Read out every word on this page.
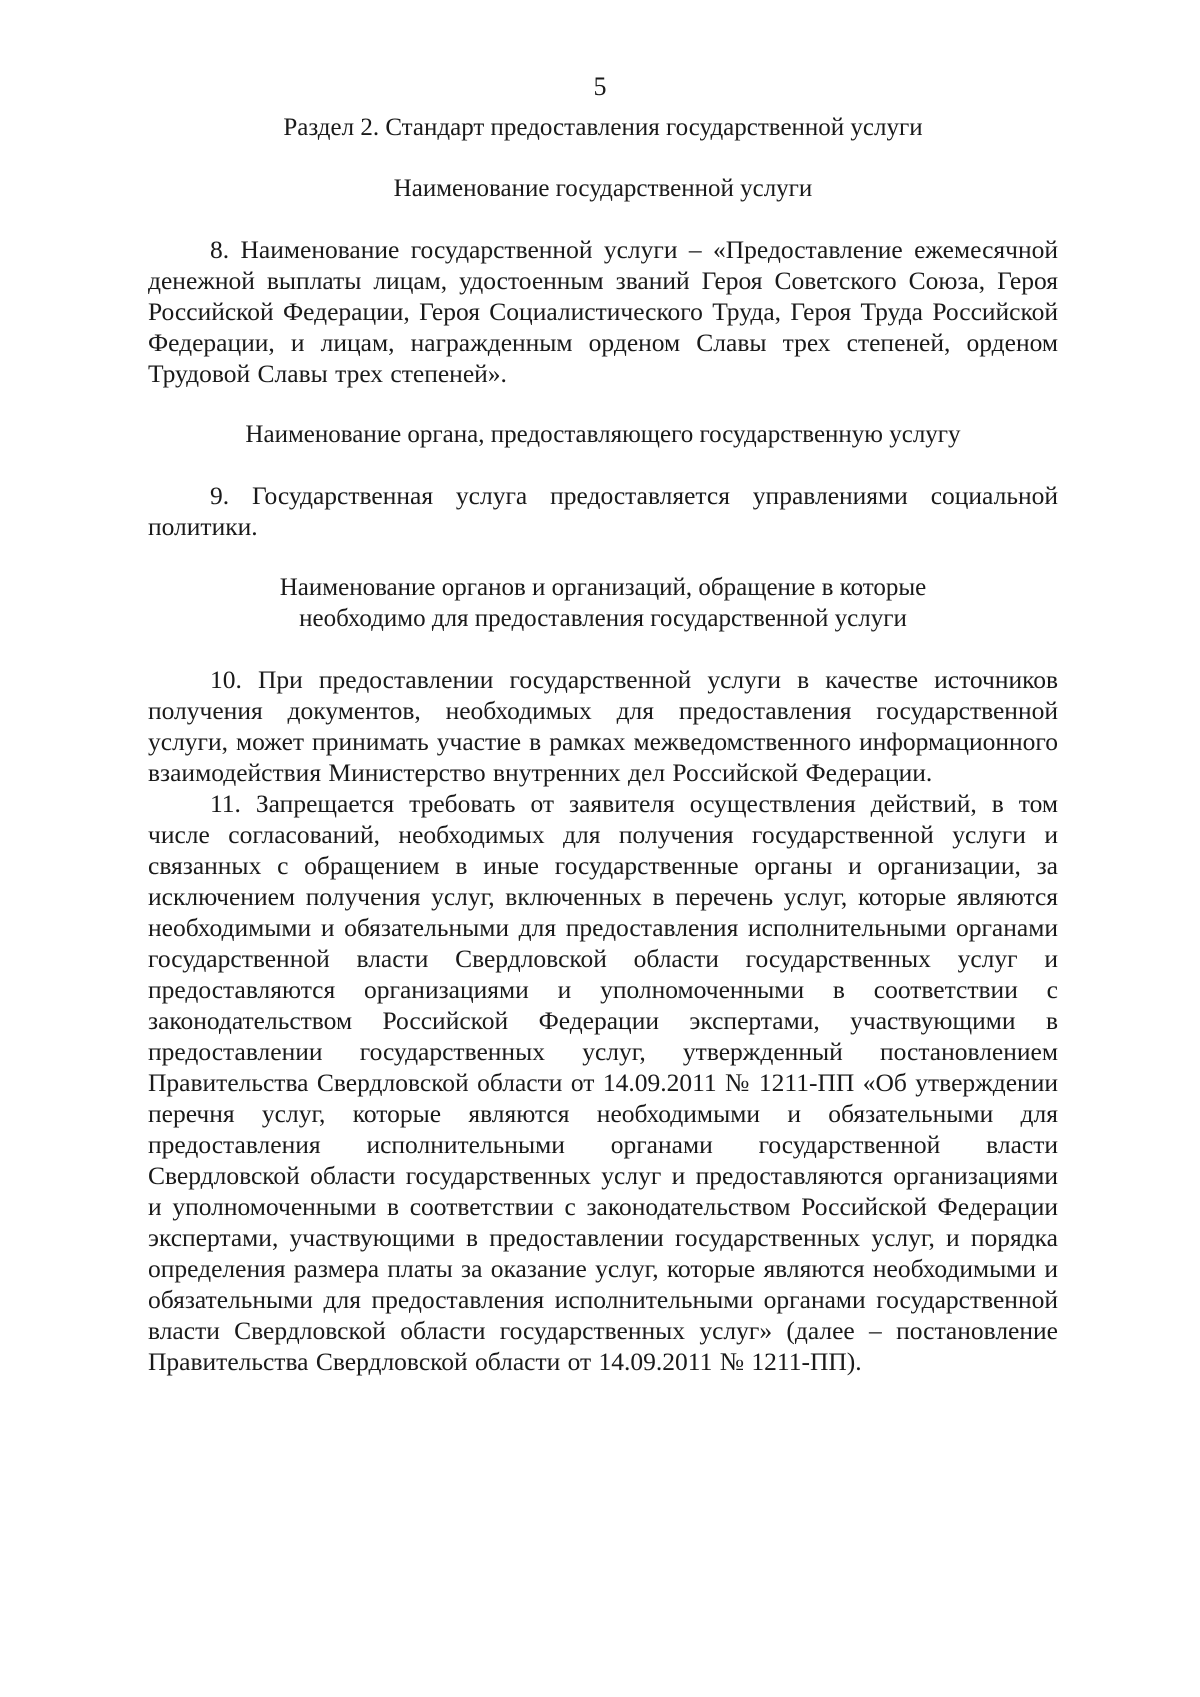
5
Раздел 2. Стандарт предоставления государственной услуги
Наименование государственной услуги
8. Наименование государственной услуги – «Предоставление ежемесячной денежной выплаты лицам, удостоенным званий Героя Советского Союза, Героя Российской Федерации, Героя Социалистического Труда, Героя Труда Российской Федерации, и лицам, награжденным орденом Славы трех степеней, орденом Трудовой Славы трех степеней».
Наименование органа, предоставляющего государственную услугу
9. Государственная услуга предоставляется управлениями социальной политики.
Наименование органов и организаций, обращение в которые необходимо для предоставления государственной услуги
10. При предоставлении государственной услуги в качестве источников получения документов, необходимых для предоставления государственной услуги, может принимать участие в рамках межведомственного информационного взаимодействия Министерство внутренних дел Российской Федерации.
11. Запрещается требовать от заявителя осуществления действий, в том числе согласований, необходимых для получения государственной услуги и связанных с обращением в иные государственные органы и организации, за исключением получения услуг, включенных в перечень услуг, которые являются необходимыми и обязательными для предоставления исполнительными органами государственной власти Свердловской области государственных услуг и предоставляются организациями и уполномоченными в соответствии с законодательством Российской Федерации экспертами, участвующими в предоставлении государственных услуг, утвержденный постановлением Правительства Свердловской области от 14.09.2011 № 1211-ПП «Об утверждении перечня услуг, которые являются необходимыми и обязательными для предоставления исполнительными органами государственной власти Свердловской области государственных услуг и предоставляются организациями и уполномоченными в соответствии с законодательством Российской Федерации экспертами, участвующими в предоставлении государственных услуг, и порядка определения размера платы за оказание услуг, которые являются необходимыми и обязательными для предоставления исполнительными органами государственной власти Свердловской области государственных услуг» (далее – постановление Правительства Свердловской области от 14.09.2011 № 1211-ПП).
